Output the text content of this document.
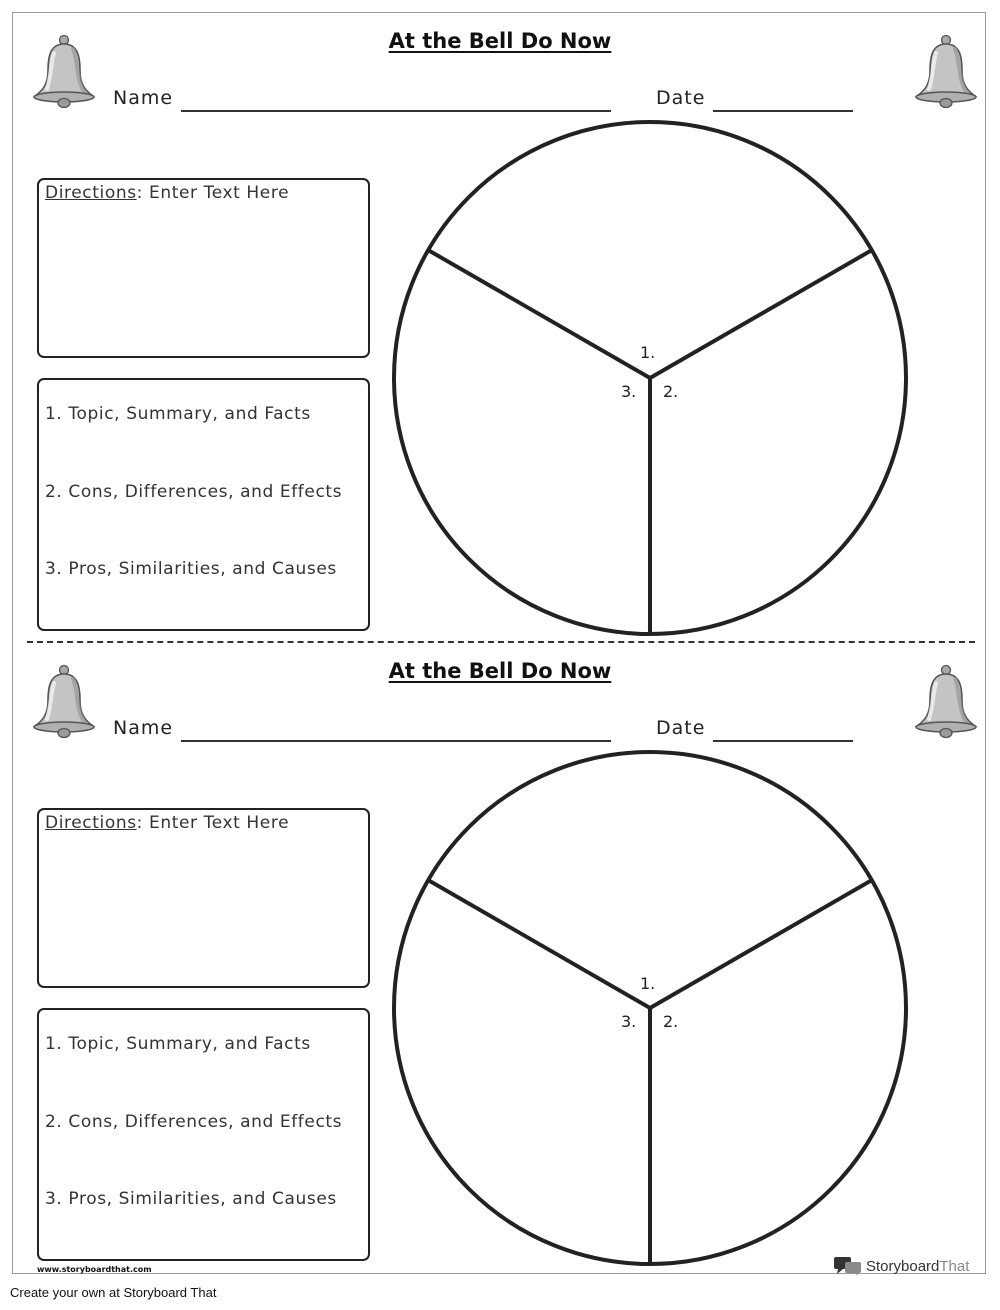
At the Bell Do Now
Name	Date
Directions: Enter Text Here
1. Topic, Summary, and Facts
2. Cons, Differences, and Effects
3. Pros, Similarities, and Causes
1.
2.
3.
At the Bell Do Now
Name	Date
Directions: Enter Text Here
1. Topic, Summary, and Facts
2. Cons, Differences, and Effects
3. Pros, Similarities, and Causes
1.
2.
3.
www.storyboardthat.com	StoryboardThat
Create your own at Storyboard That
